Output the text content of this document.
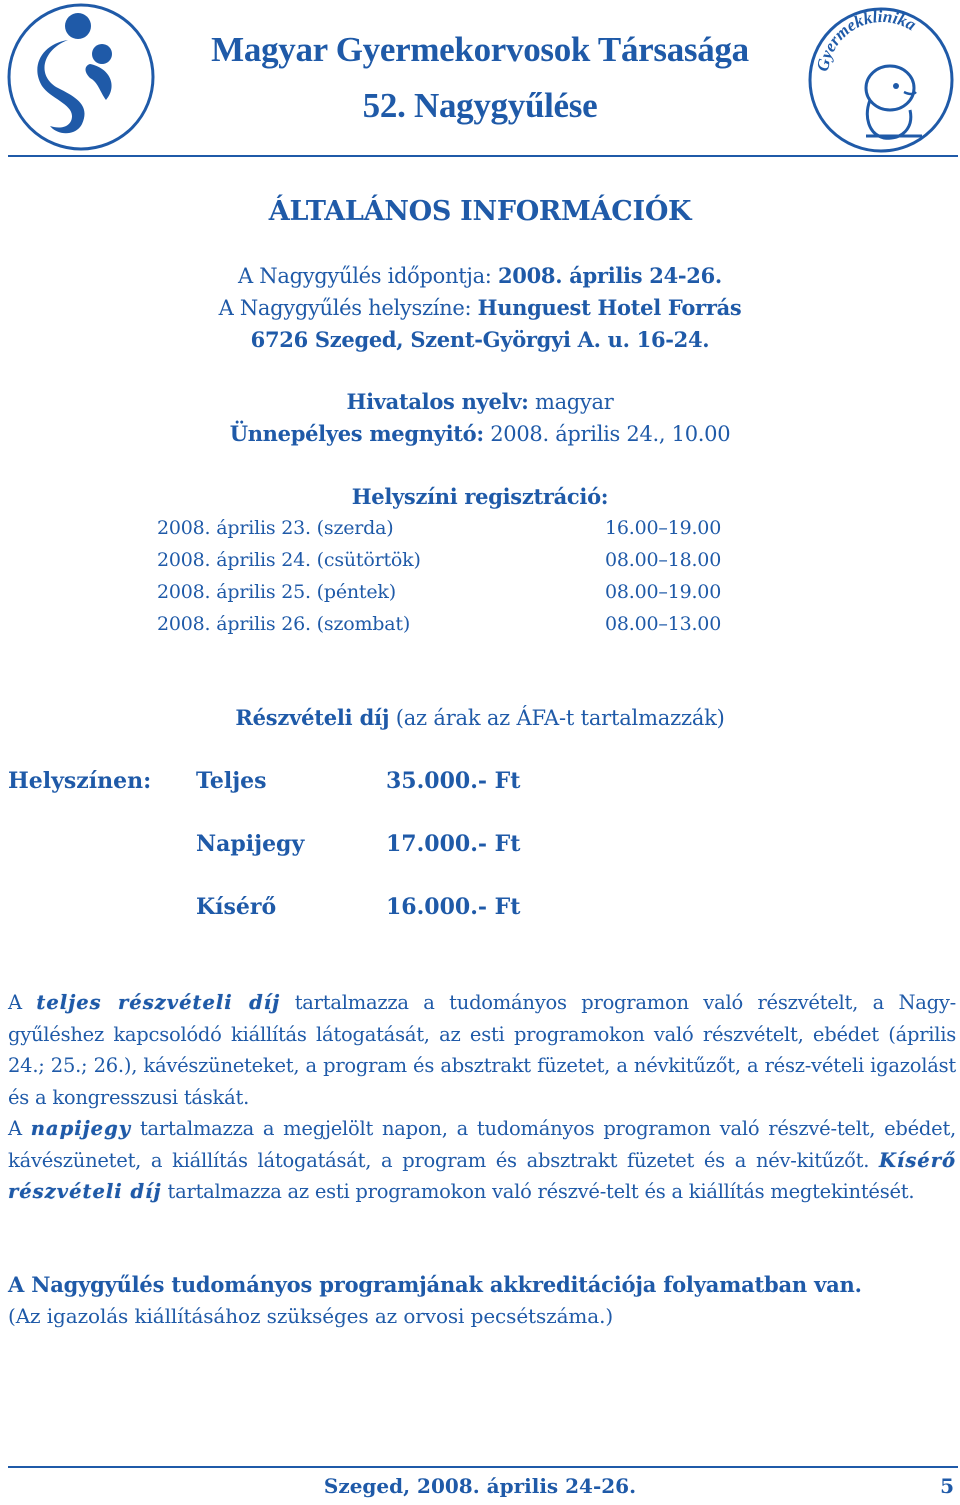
Magyar Gyermekorvosok Társasága
52. Nagygyűlése
Gyermekklinika
ÁLTALÁNOS INFORMÁCIÓK
A Nagygyűlés időpontja: 2008. április 24-26.
A Nagygyűlés helyszíne: Hunguest Hotel Forrás
6726 Szeged, Szent-Györgyi A. u. 16-24.
Hivatalos nyelv: magyar
Ünnepélyes megnyitó: 2008. április 24., 10.00
Helyszíni regisztráció:
2008. április 23. (szerda)	16.00–19.00
2008. április 24. (csütörtök)	08.00–18.00
2008. április 25. (péntek)	08.00–19.00
2008. április 26. (szombat)	08.00–13.00
Részvételi díj (az árak az ÁFA-t tartalmazzák)
Helyszínen: Teljes	35.000.- Ft
Napijegy	17.000.- Ft
Kísérő	16.000.- Ft
A teljes részvételi díj tartalmazza a tudományos programon való részvételt, a Nagy-gyűléshez kapcsolódó kiállítás látogatását, az esti programokon való részvételt, ebédet (április 24.; 25.; 26.), kávészüneteket, a program és absztrakt füzetet, a névkitűzőt, a rész-vételi igazolást és a kongresszusi táskát.
A napijegy tartalmazza a megjelölt napon, a tudományos programon való részvé-telt, ebédet, kávészünetet, a kiállítás látogatását, a program és absztrakt füzetet és a név-kitűzőt. Kísérő részvételi díj tartalmazza az esti programokon való részvé-telt és a kiállítás megtekintését.
A Nagygyűlés tudományos programjának akkreditációja folyamatban van.
(Az igazolás kiállításához szükséges az orvosi pecsétszáma.)
Szeged, 2008. április 24-26.	5
